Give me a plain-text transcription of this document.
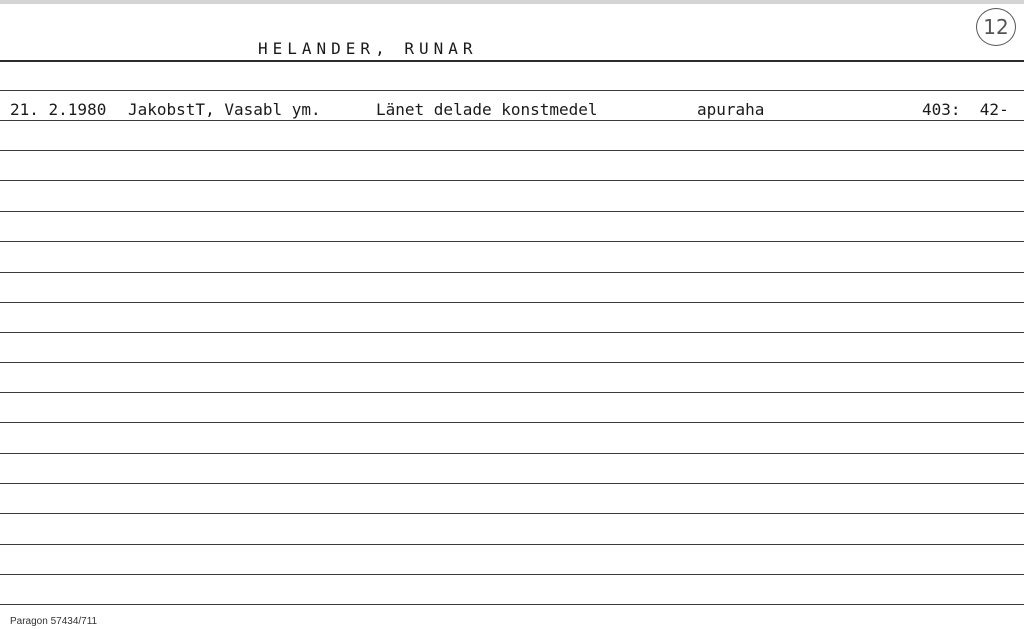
HELANDER, RUNAR
12
21. 2.1980 JakobstT, Vasabl ym.	Länet delade konstmedel	apuraha	403:  42-
Paragon 57434/711
